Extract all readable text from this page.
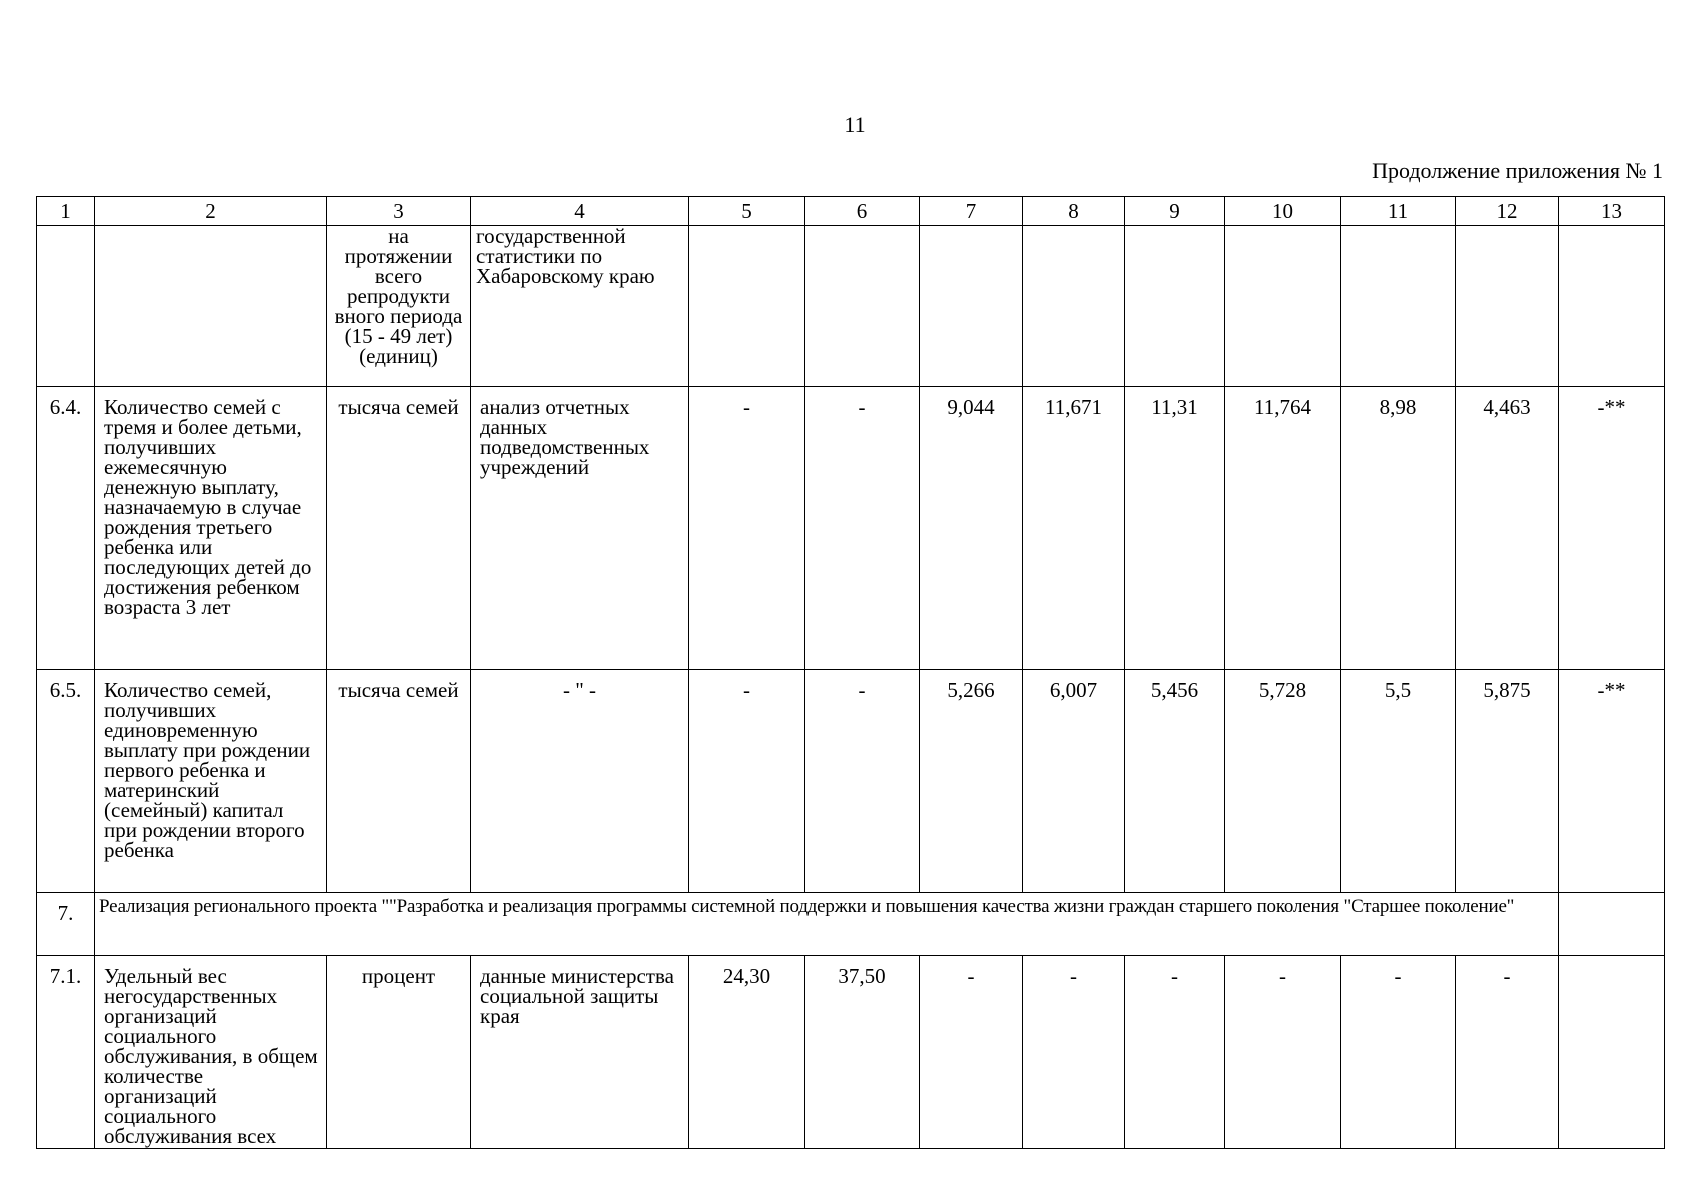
11
Продолжение приложения № 1
1	2	3	4	5	6	7	8	9	10	11	12	13
		на протяжении всего репродукти вного периода (15 - 49 лет) (единиц)	государственной статистики по Хабаровскому краю									
6.4.	Количество семей с тремя и более детьми, получивших ежемесячную денежную выплату, назначаемую в случае рождения третьего ребенка или последующих детей до достижения ребенком возраста 3 лет	тысяча семей	анализ отчетных данных подведомственных учреждений	-	-	9,044	11,671	11,31	11,764	8,98	4,463	-**
6.5.	Количество семей, получивших единовременную выплату при рождении первого ребенка и материнский (семейный) капитал при рождении второго ребенка	тысяча семей	- " -	-	-	5,266	6,007	5,456	5,728	5,5	5,875	-**
7.	Реализация регионального проекта ""Разработка и реализация программы системной поддержки и повышения качества жизни граждан старшего поколения "Старшее поколение"											
7.1.	Удельный вес негосударственных организаций социального обслуживания, в общем количестве организаций социального обслуживания всех	процент	данные министерства социальной защиты края	24,30	37,50	-	-	-	-	-	-	
